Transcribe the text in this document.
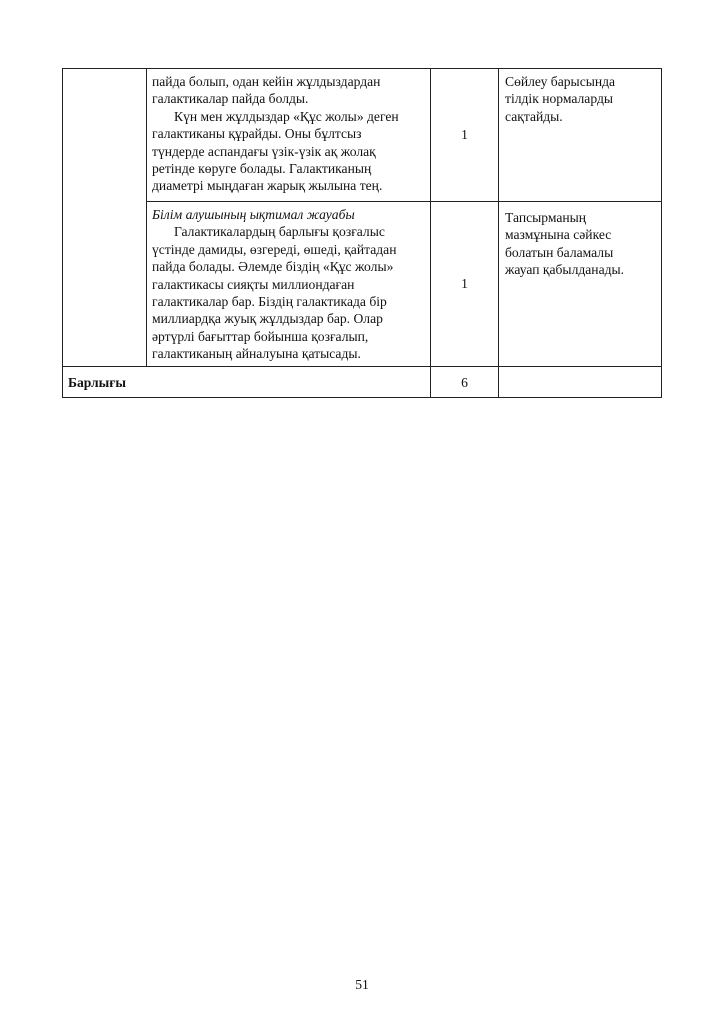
пайда болып, одан кейін жұлдыздардан
галактикалар пайда болды.
Күн мен жұлдыздар «Құс жолы» деген
галактиканы құрайды. Оны бұлтсыз
түндерде аспандағы үзік-үзік ақ жолақ
ретінде көруге болады. Галактиканың
диаметрі мыңдаған жарық жылына тең.
1
Сөйлеу барысында
тілдік нормаларды
сақтайды.
Білім алушының ықтимал жауабы
Галактикалардың барлығы қозғалыс
үстінде дамиды, өзгереді, өшеді, қайтадан
пайда болады. Әлемде біздің «Құс жолы»
галактикасы сияқты миллиондаған
галактикалар бар. Біздің галактикада бір
миллиардқа жуық жұлдыздар бар. Олар
әртүрлі бағыттар бойынша қозғалып,
галактиканың айналуына қатысады.
1
Тапсырманың
мазмұнына сәйкес
болатын баламалы
жауап қабылданады.
Барлығы	6
51
